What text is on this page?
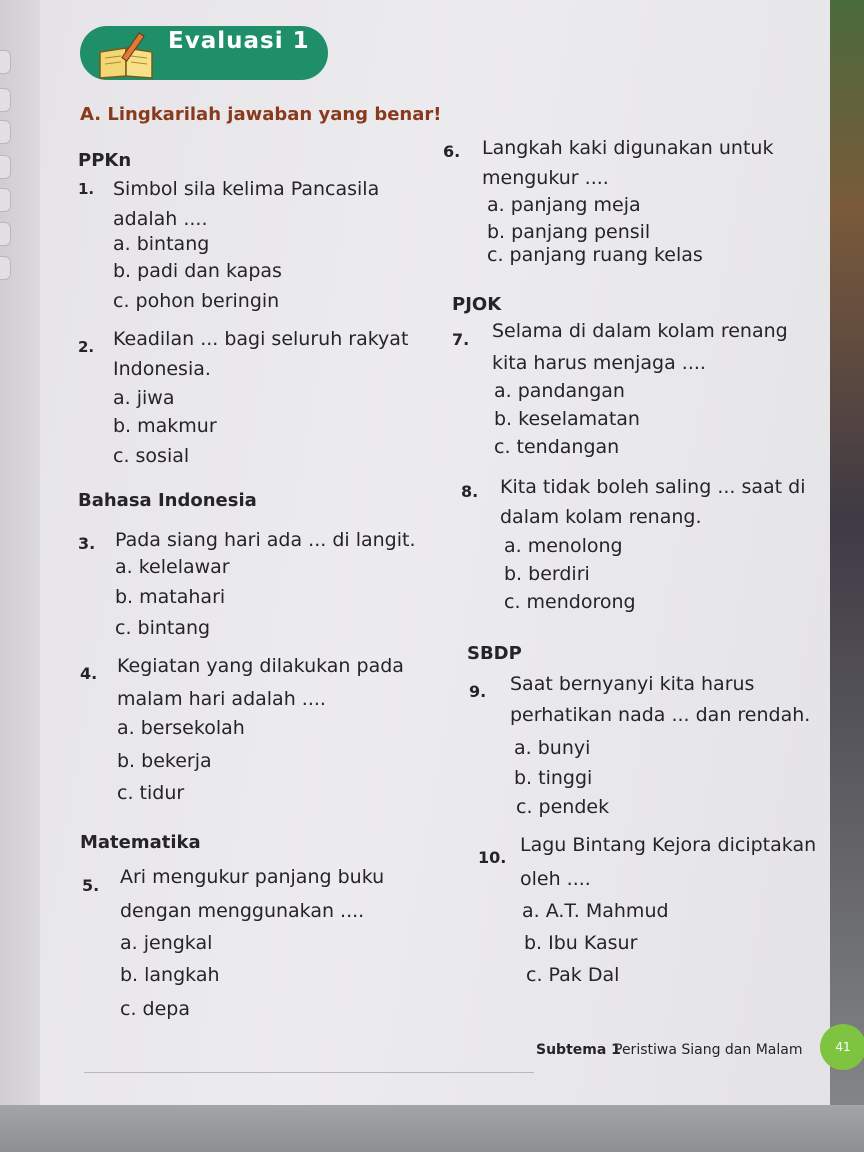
Evaluasi 1
A. Lingkarilah jawaban yang benar!
PPKn
1. Simbol sila kelima Pancasila
adalah ....
a. bintang
b. padi dan kapas
c. pohon beringin
2. Keadilan ... bagi seluruh rakyat
Indonesia.
a. jiwa
b. makmur
c. sosial
Bahasa Indonesia
3. Pada siang hari ada ... di langit.
a. kelelawar
b. matahari
c. bintang
4. Kegiatan yang dilakukan pada
malam hari adalah ....
a. bersekolah
b. bekerja
c. tidur
Matematika
5. Ari mengukur panjang buku
dengan menggunakan ....
a. jengkal
b. langkah
c. depa
6. Langkah kaki digunakan untuk
mengukur ....
a. panjang meja
b. panjang pensil
c. panjang ruang kelas
PJOK
7. Selama di dalam kolam renang
kita harus menjaga ....
a. pandangan
b. keselamatan
c. tendangan
8. Kita tidak boleh saling ... saat di
dalam kolam renang.
a. menolong
b. berdiri
c. mendorong
SBDP
9. Saat bernyanyi kita harus
perhatikan nada ... dan rendah.
a. bunyi
b. tinggi
c. pendek
10.
Lagu Bintang Kejora diciptakan
oleh ....
a. A.T. Mahmud
b. Ibu Kasur
c. Pak Dal
Subtema 1
Peristiwa Siang dan Malam	41
